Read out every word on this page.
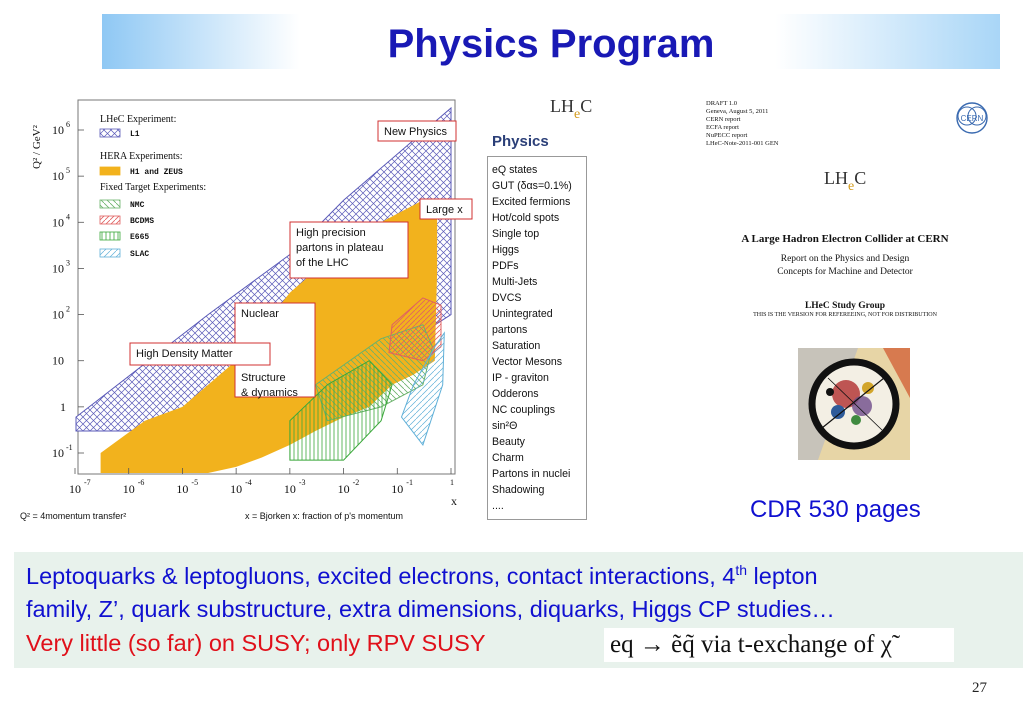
Physics Program
10 -7	10 -6	10 -5	10 -4	10 -3	10 -2	10 -1	1
10 6
10 5
10 4
10 3
10 2
10
1
10 -1
LHeC Experiment:
HERA Experiments:
Fixed Target Experiments:
L1
H1 and ZEUS
NMC
BCDMS
E665
SLAC
New Physics
Large x
High precision
partons in plateau
of the LHC
Nuclear
High Density Matter
Structure
& dynamics
Q² / GeV²
x
Q² = 4momentum transfer²	x = Bjorken x: fraction of p's momentum
$LH_eC$
Physics
eQ states
GUT (δαs=0.1%)
Excited fermions
Hot/cold spots
Single top
Higgs
PDFs
Multi-Jets
DVCS
Unintegrated
partons
Saturation
Vector Mesons
IP - graviton
Odderons
NC couplings
sin²Θ
Beauty
Charm
Partons in nuclei
Shadowing
....
DRAFT 1.0
Geneva, August 5, 2011
CERN report
ECFA report
NuPECC report
LHeC-Note-2011-001 GEN
CERN
$LH_eC$
A Large Hadron Electron Collider at CERN
Report on the Physics and Design
Concepts for Machine and Detector
LHeC Study Group
THIS IS THE VERSION FOR REFEREEING, NOT FOR DISTRIBUTION
CDR 530 pages
Leptoquarks & leptogluons, excited electrons, contact interactions, 4th lepton
family, Z’, quark substructure, extra dimensions, diquarks, Higgs CP studies…
Very little (so far) on SUSY; only RPV SUSY	eq → ẽq̃ via t-exchange of χ̃
27
